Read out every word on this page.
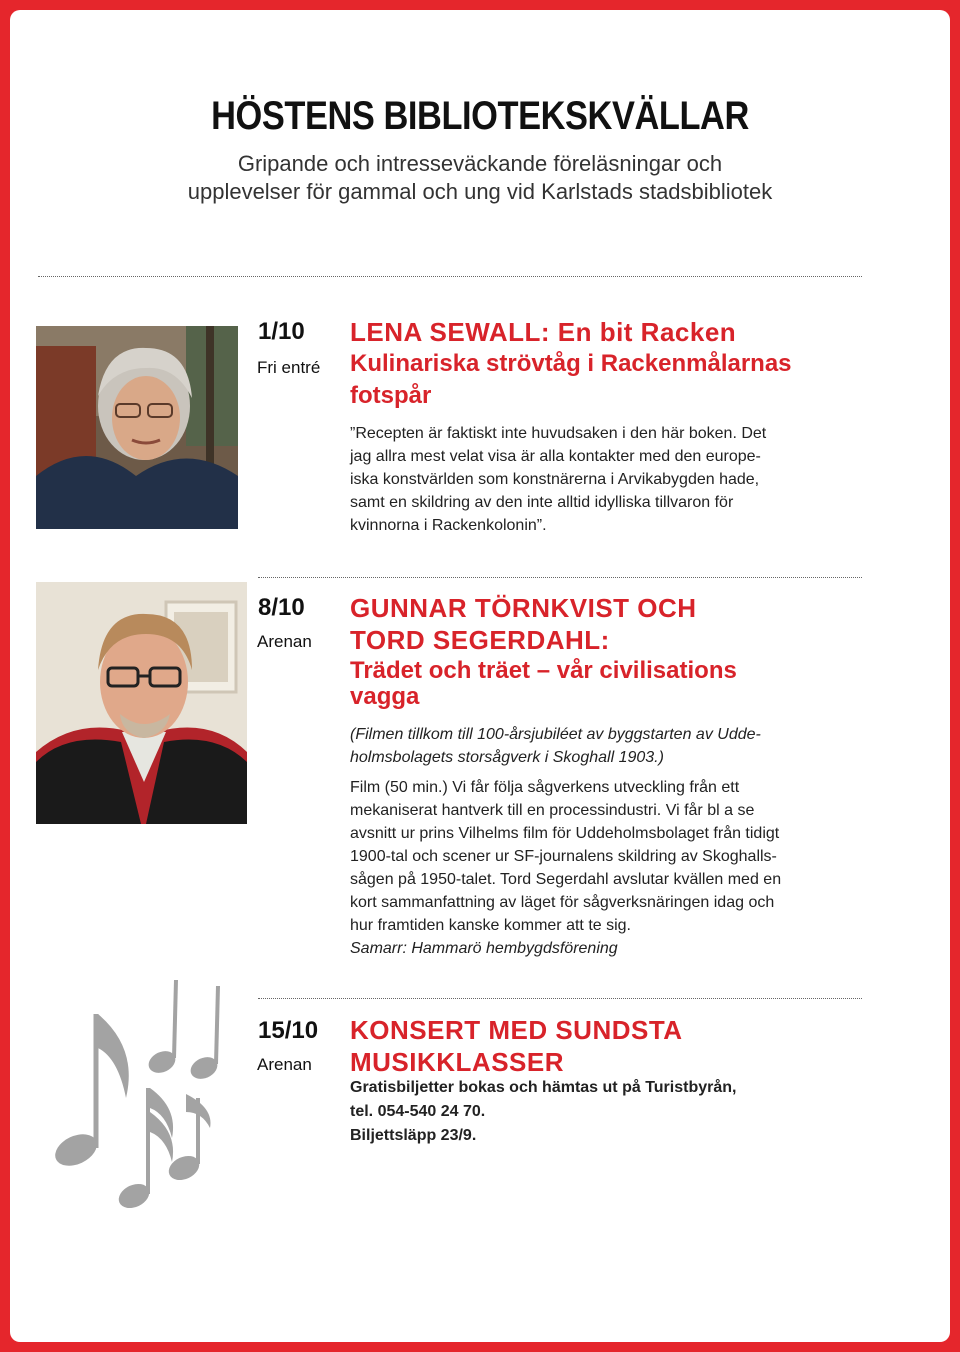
HÖSTENS BIBLIOTEKSKVÄLLAR
Gripande och intresseväckande föreläsningar och
upplevelser för gammal och ung vid Karlstads stadsbibliotek
1/10
Fri entré
LENA SEWALL: En bit Racken
Kulinariska strövtåg i Rackenmålarnas
fotspår
”Recepten är faktiskt inte huvudsaken i den här boken. Det
jag allra mest velat visa är alla kontakter med den europe-
iska konstvärlden som konstnärerna i Arvikabygden hade,
samt en skildring av den inte alltid idylliska tillvaron för
kvinnorna i Rackenkolonin”.
8/10
Arenan
GUNNAR TÖRNKVIST OCH
TORD SEGERDAHL:
Trädet och träet – vår civilisations
vagga
(Filmen tillkom till 100-årsjubiléet av byggstarten av Udde-
holmsbolagets storsågverk i Skoghall 1903.)
Film (50 min.) Vi får följa sågverkens utveckling från ett
mekaniserat hantverk till en processindustri. Vi får bl a se
avsnitt ur prins Vilhelms film för Uddeholmsbolaget från tidigt
1900-tal och scener ur SF-journalens skildring av Skoghalls-
sågen på 1950-talet. Tord Segerdahl avslutar kvällen med en
kort sammanfattning av läget för sågverksnäringen idag och
hur framtiden kanske kommer att te sig.
Samarr: Hammarö hembygdsförening
15/10
Arenan
KONSERT MED SUNDSTA
MUSIKKLASSER
Gratisbiljetter bokas och hämtas ut på Turistbyrån,
tel. 054-540 24 70.
Biljettsläpp 23/9.
